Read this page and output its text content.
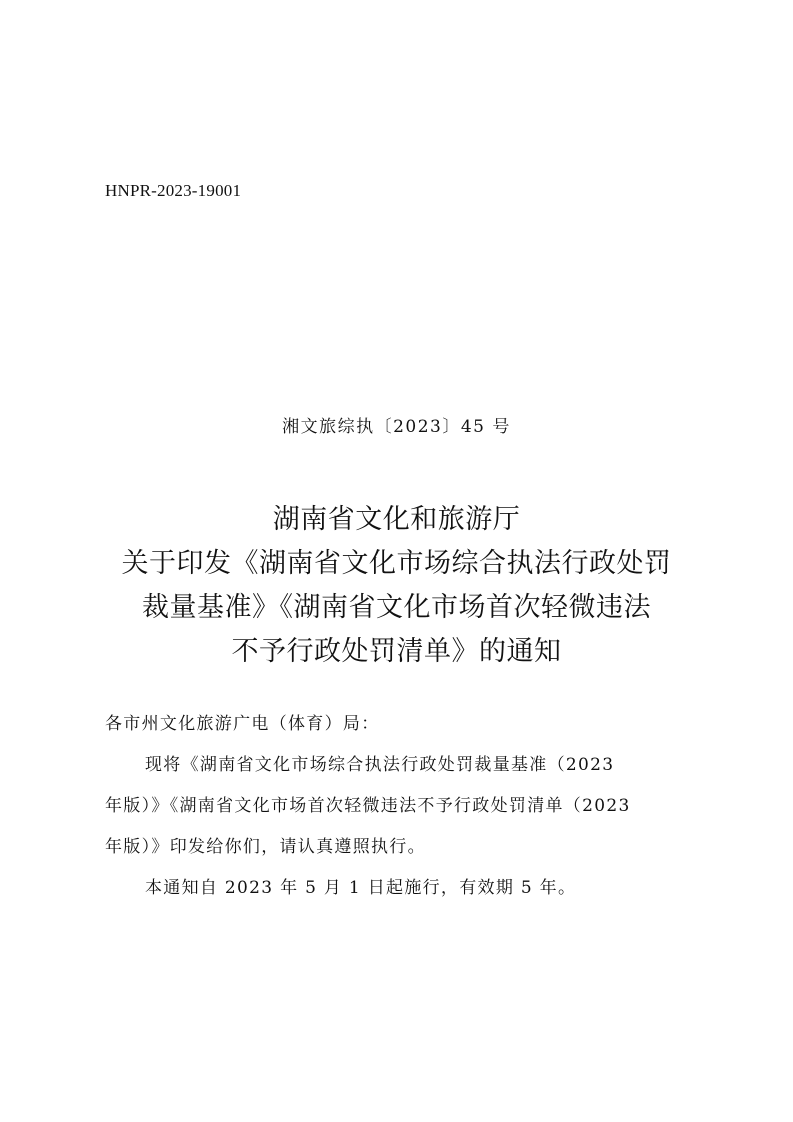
HNPR-2023-19001
湘文旅综执〔2023〕45 号
湖南省文化和旅游厅
关于印发《湖南省文化市场综合执法行政处罚
裁量基准》《湖南省文化市场首次轻微违法
不予行政处罚清单》的通知
各市州文化旅游广电（体育）局：
现将《湖南省文化市场综合执法行政处罚裁量基准（2023
年版）》《湖南省文化市场首次轻微违法不予行政处罚清单（2023
年版）》印发给你们，请认真遵照执行。
本通知自 2023 年 5 月 1 日起施行，有效期 5 年。
